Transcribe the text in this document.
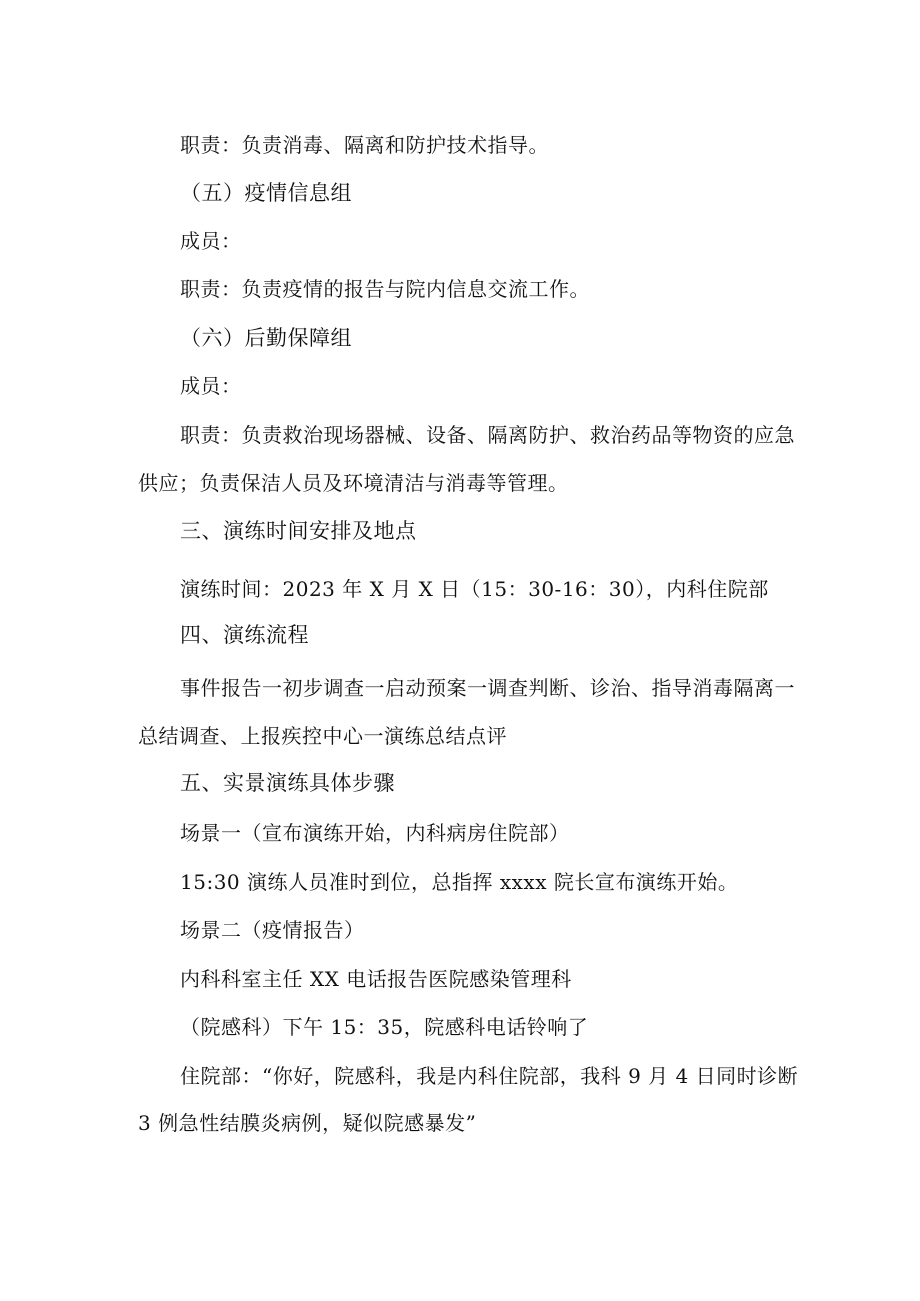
职责：负责消毒、隔离和防护技术指导。
（五）疫情信息组
成员：
职责：负责疫情的报告与院内信息交流工作。
（六）后勤保障组
成员：
职责：负责救治现场器械、设备、隔离防护、救治药品等物资的应急
供应；负责保洁人员及环境清洁与消毒等管理。
三、演练时间安排及地点
演练时间：2023 年 X 月 X 日（15：30-16：30），内科住院部
四、演练流程
事件报告一初步调查一启动预案一调查判断、诊治、指导消毒隔离一
总结调查、上报疾控中心一演练总结点评
五、实景演练具体步骤
场景一（宣布演练开始，内科病房住院部）
15:30 演练人员准时到位，总指挥 xxxx 院长宣布演练开始。
场景二（疫情报告）
内科科室主任 XX 电话报告医院感染管理科
（院感科）下午 15：35，院感科电话铃响了
住院部：“你好，院感科，我是内科住院部，我科 9 月 4 日同时诊断
3 例急性结膜炎病例，疑似院感暴发”
